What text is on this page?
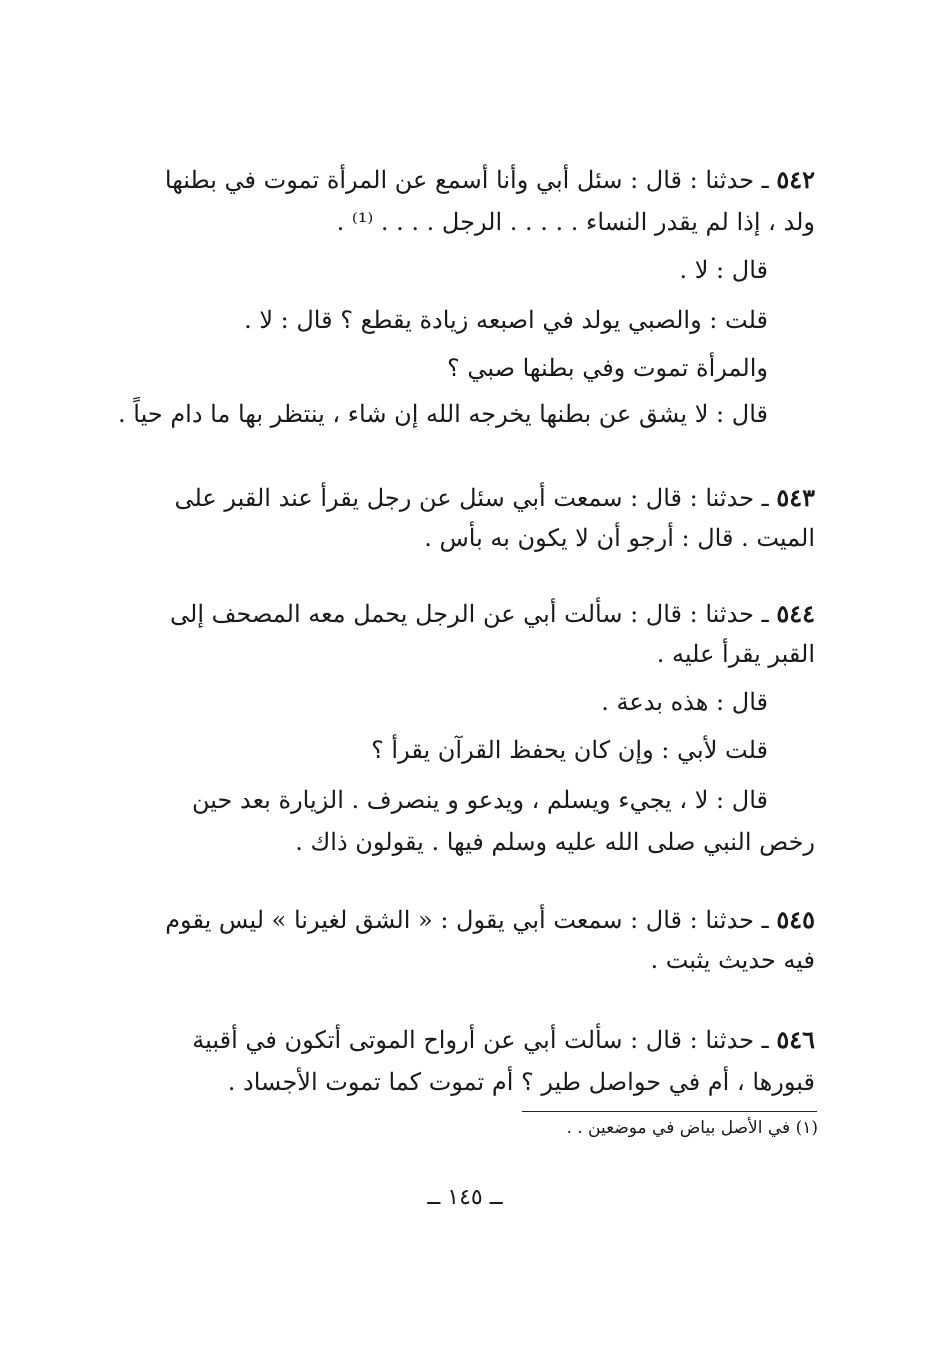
٥٤٢ ـ حدثنا : قال : سئل أبي وأنا أسمع عن المرأة تموت في بطنها
ولد ، إذا لم يقدر النساء . . . . . الرجل . . . . ⁽¹⁾ .
قال : لا .
قلت : والصبي يولد في اصبعه زيادة يقطع ؟ قال : لا .
والمرأة تموت وفي بطنها صبي ؟
قال : لا يشق عن بطنها يخرجه الله إن شاء ، ينتظر بها ما دام حياً .
٥٤٣ ـ حدثنا : قال : سمعت أبي سئل عن رجل يقرأ عند القبر على
الميت . قال : أرجو أن لا يكون به بأس .
٥٤٤ ـ حدثنا : قال : سألت أبي عن الرجل يحمل معه المصحف إلى
القبر يقرأ عليه .
قال : هذه بدعة .
قلت لأبي : وإن كان يحفظ القرآن يقرأ ؟
قال : لا ، يجيء ويسلم ، ويدعو و ينصرف . الزيارة بعد حين
رخص النبي صلى الله عليه وسلم فيها . يقولون ذاك .
٥٤٥ ـ حدثنا : قال : سمعت أبي يقول : « الشق لغيرنا » ليس يقوم
فيه حديث يثبت .
٥٤٦ ـ حدثنا : قال : سألت أبي عن أرواح الموتى أتكون في أقبية
قبورها ، أم في حواصل طير ؟ أم تموت كما تموت الأجساد .
(١) في الأصل بياض في موضعين . .
ــ ١٤٥ ــ
